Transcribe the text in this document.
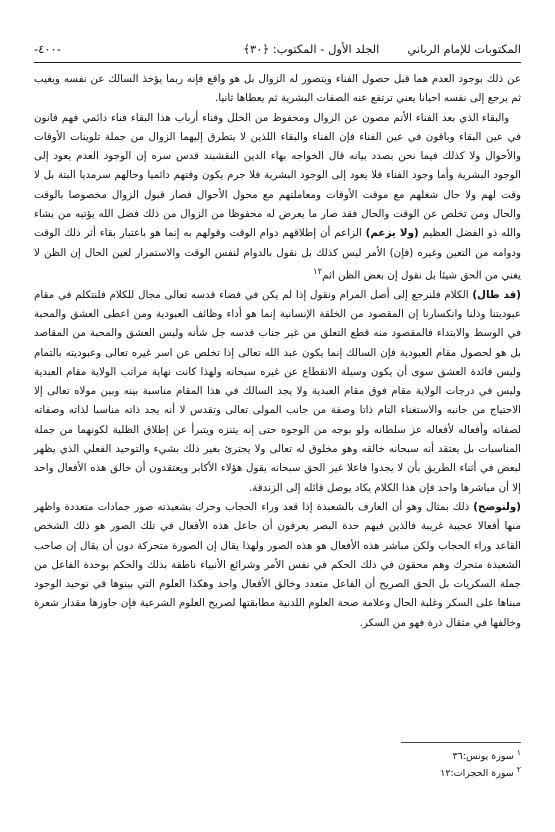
المكتوبات للإمام الرباني
الجلد الأول - المكتوب: ﴿٣٠﴾
-٤٠٠-

عن ذلك بوجود العدم هما قبل حصول الفناء ويتصور له الزوال بل هو واقع فإنه ربما يؤخذ السالك عن نفسه ويغيب ثم يرجع إلى نفسه احيانا يعني ترتفع عنه الصفات البشرية ثم يعطاها ثانيا.

والبقاء الذي بعد الفناء الأتم مصون عن الزوال ومحفوظ من الخلل وفناء أرباب هذا البقاء فناء دائمي فهم فانون في عين البقاء وباقون في عين الفناء فإن الفناء والبقاء اللذين لا يتطرق إليهما الزوال من جملة تلوينات الأوقات والأحوال ولا كذلك فيما نحن بصدد بيانه قال الخواجه بهاء الدين النقشبند قدس سره إن الوجود العدم يعود إلى الوجود البشرية وأما وجود الفناء فلا يعود إلى الوجود البشرية فلا جرم يكون وقتهم دائميا وحالهم سرمديا البتة بل لا وقت لهم ولا حال شغلهم مع موقت الأوقات ومعاملتهم مع محول الأحوال فصار قبول الزوال مخصوصا بالوقت والحال ومن تخلص عن الوقت والحال فقد صار ما يعرض له محفوظا من الزوال من ذلك فضل الله يؤتيه من يشاء والله ذو الفضل العظيم (ولا يزعم) الزاعم أن إطلاقهم دوام الوقت وقولهم به إنما هو باعتبار بقاء أثر ذلك الوقت ودوامه من التعين وغيره (فإن) الأمر ليس كذلك بل نقول بالدوام لنفس الوقت والاستمرار لعين الحال إن الظن لا يغني من الحق شيئا بل نقول إن بعض الظن اثم$^{١٢}$

(قد طال) الكلام فلنرجع إلى أصل المرام ونقول إذا لم يكن في فضاء قدسه تعالى مجال للكلام فلنتكلم في مقام عبوديتنا وذلنا وانكسارنا إن المقصود من الخلقة الإنسانية إنما هو أداء وظائف العبودية ومن اعطى العشق والمحبة في الوسط والابتداء فالمقصود منه قطع التعلق من غير جناب قدسه جل شأنه وليس العشق والمحبة من المقاصد بل هو لحصول مقام العبودية فإن السالك إنما يكون عبد الله تعالى إذا تخلص عن اسر غيره تعالى وعبوديته بالتمام وليس فائدة العشق سوى أن يكون وسيلة الانقطاع عن غيره سبحانه ولهذا كانت نهاية مراتب الولاية مقام العبدية وليس في درجات الولاية مقام فوق مقام العبدية ولا يجد السالك في هذا المقام مناسبة بينه وبين مولاه تعالى إلا الاحتياج من جانبه والاستغناء التام ذاتا وصفة من جانب المولى تعالى وتقدس لا أنه يجد ذاته مناسبا لذاته وصفاته لصفاته وأفعاله لأفعاله عز سلطانه ولو بوجه من الوجوه حتى إنه يتنزه ويتبرأ عن إطلاق الظلية لكونهما من جملة المناسبات بل يعتقد أنه سبحانه خالقه وهو مخلوق له تعالى ولا يجترئ بغير ذلك بشيء والتوحيد الفعلي الذي يظهر لبعض في أثناء الطريق بأن لا يجدوا فاعلا غير الحق سبحانه يقول هؤلاء الأكابر ويعتقدون أن خالق هذه الأفعال واحد إلا أن مباشرها واحد فإن هذا الكلام يكاد يوصل قائله إلى الزندقة.

(ولنوضح) ذلك بمثال وهو أن العارف بالشعبذة إذا قعد وراء الحجاب وحرك بشعبذته صور جمادات متعددة واظهر منها أفعالا عجيبة غريبة فالذين فيهم حدة البصر يعرفون أن جاعل هذه الأفعال في تلك الصور هو ذلك الشخص القاعد وراء الحجاب ولكن مباشر هذه الأفعال هو هذه الصور ولهذا يقال إن الصورة متحركة دون أن يقال إن صاحب الشعبذة متحرك وهم محقون في ذلك الحكم في نفس الأمر وشرائع الأنبياء ناطقة بذلك والحكم بوحدة الفاعل من جملة السكريات بل الحق الصريح أن الفاعل متعدد وخالق الأفعال واحد وهكذا العلوم التي بينوها في توحيد الوجود مبناها على السكر وغلبة الحال وعلامة صحة العلوم اللدنية مطابقتها لصريح العلوم الشرعية فإن جاوزها مقدار شعرة وخالفها في مثقال ذرة فهو من السكر.

$^١$ سورة يونس:٣٦
$^٢$ سورة الحجرات:١٢
